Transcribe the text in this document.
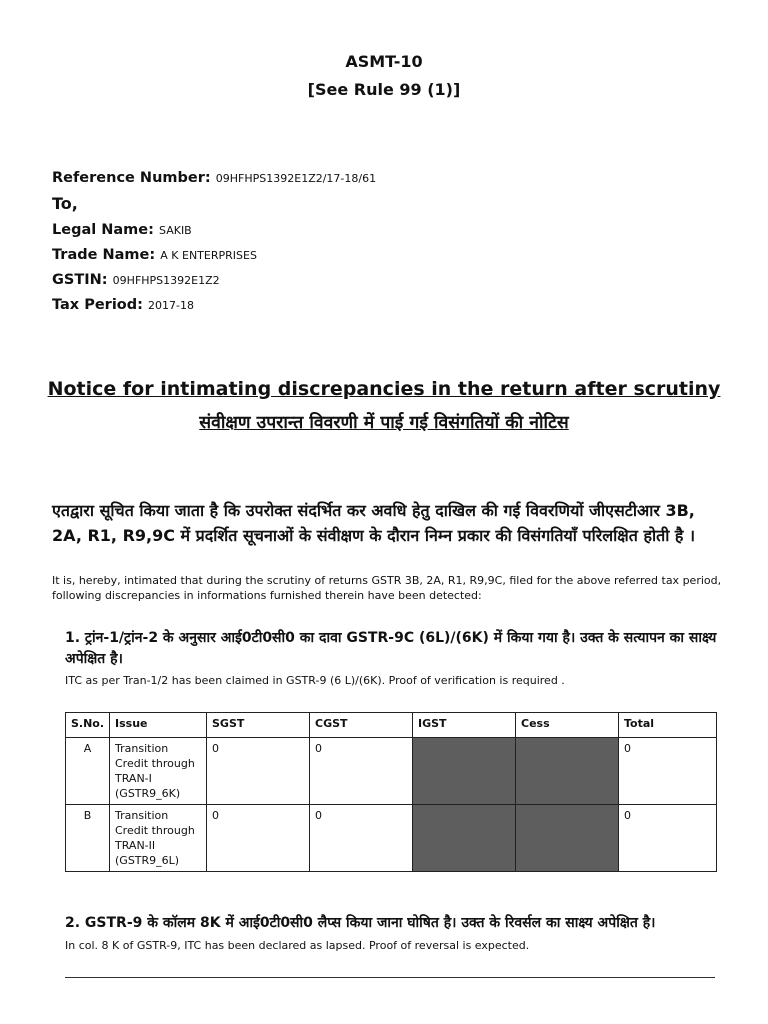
ASMT-10
[See Rule 99 (1)]
Reference Number: 09HFHPS1392E1Z2/17-18/61
To,
Legal Name: SAKIB
Trade Name: A K ENTERPRISES
GSTIN: 09HFHPS1392E1Z2
Tax Period: 2017-18
Notice for intimating discrepancies in the return after scrutiny
संवीक्षण उपरान्त विवरणी में पाई गई विसंगतियों की नोटिस
एतद्वारा सूचित किया जाता है कि उपरोक्त संदर्भित कर अवधि हेतु दाखिल की गई विवरणियों जीएसटीआर 3B, 2A, R1, R9,9C में प्रदर्शित सूचनाओं के संवीक्षण के दौरान निम्न प्रकार की विसंगतियाँ परिलक्षित होती है ।
It is, hereby, intimated that during the scrutiny of returns GSTR 3B, 2A, R1, R9,9C, filed for the above referred tax period, following discrepancies in informations furnished therein have been detected:
1. ट्रांन-1/ट्रांन-2 के अनुसार आई0टी0सी0 का दावा GSTR-9C (6L)/(6K) में किया गया है। उक्त के सत्यापन का साक्ष्य अपेक्षित है।
ITC as per Tran-1/2 has been claimed in GSTR-9 (6 L)/(6K). Proof of verification is required .
S.No.	Issue	SGST	CGST	IGST	Cess	Total
A	Transition Credit through TRAN-I (GSTR9_6K)	0	0			0
B	Transition Credit through TRAN-II (GSTR9_6L)	0	0			0
2. GSTR-9 के कॉलम 8K में आई0टी0सी0 लैप्स किया जाना घोषित है। उक्त के रिवर्सल का साक्ष्य अपेक्षित है।
In col. 8 K of GSTR-9, ITC has been declared as lapsed. Proof of reversal is expected.
